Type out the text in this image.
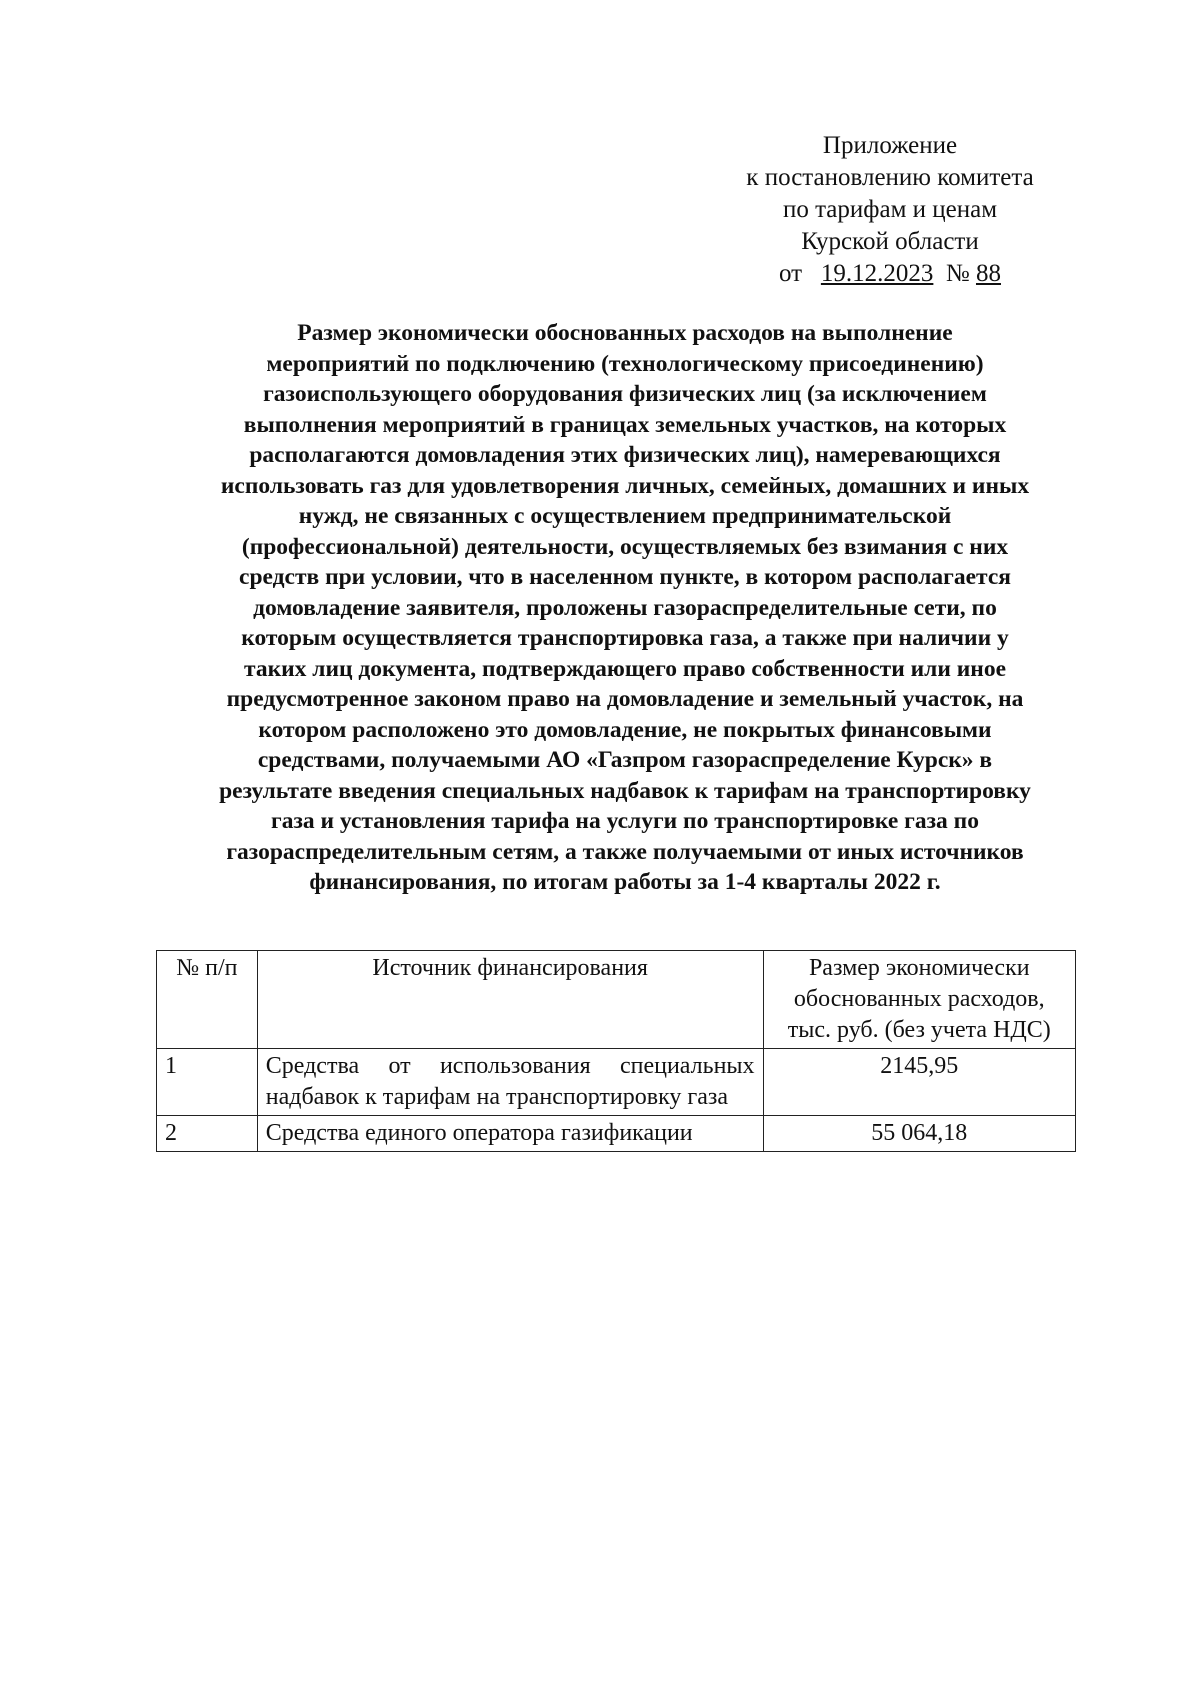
Приложение
к постановлению комитета
по тарифам и ценам
Курской области
от 19.12.2023 № 88
Размер экономически обоснованных расходов на выполнение
мероприятий по подключению (технологическому присоединению)
газоиспользующего оборудования физических лиц (за исключением
выполнения мероприятий в границах земельных участков, на которых
располагаются домовладения этих физических лиц), намеревающихся
использовать газ для удовлетворения личных, семейных, домашних и иных
нужд, не связанных с осуществлением предпринимательской
(профессиональной) деятельности, осуществляемых без взимания с них
средств при условии, что в населенном пункте, в котором располагается
домовладение заявителя, проложены газораспределительные сети, по
которым осуществляется транспортировка газа, а также при наличии у
таких лиц документа, подтверждающего право собственности или иное
предусмотренное законом право на домовладение и земельный участок, на
котором расположено это домовладение, не покрытых финансовыми
средствами, получаемыми АО «Газпром газораспределение Курск» в
результате введения специальных надбавок к тарифам на транспортировку
газа и установления тарифа на услуги по транспортировке газа по
газораспределительным сетям, а также получаемыми от иных источников
финансирования, по итогам работы за 1-4 кварталы 2022 г.
№ п/п	Источник финансирования	Размер экономически обоснованных расходов, тыс. руб. (без учета НДС)
1	Средства от использования специальных надбавок к тарифам на транспортировку газа	2145,95
2	Средства единого оператора газификации	55 064,18
